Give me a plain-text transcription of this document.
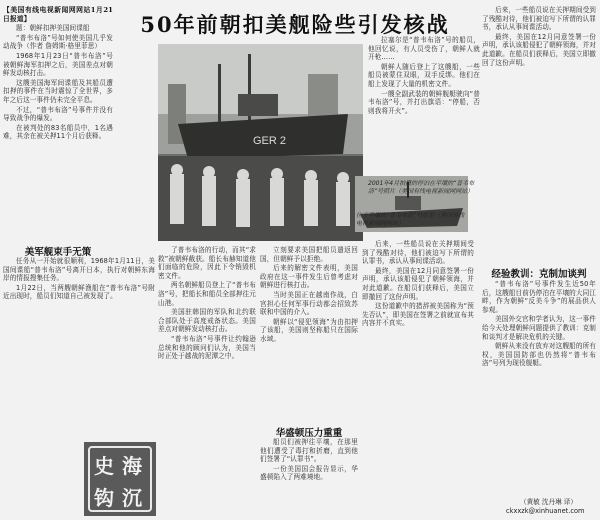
50年前朝扣美舰险些引发核战

【美国有线电视新闻网网站1月21日报道】

题：朝鲜扣押美国间谍船

“普韦布洛”号如何使美国几乎发动战争（作者 詹姆斯·格里菲思）

1968年1月23日“普韦布洛”号被朝鲜海军扣押之后，美国差点对朝鲜发动核打击。

这艘美国海军间谍船及其船员遭扣押的事件在当时震惊了全世界，多年之后这一事件仍未完全平息。

不过，“普韦布洛”号事件并没有导致战争的爆发。

在被判处的83名船员中，1名遇难，其余在被关押11个月后获释。

美军舰束手无策

任务从一开始就很顺利，1968年1月11日，美国间谍船“普韦布洛”号离开日本，执行对朝鲜东海岸的情报搜集任务。

1月22日，当两艘朝鲜渔船在“普韦布洛”号附近出现时，船员们知道自己被发现了。

GER 2

拉塞尔是“普韦布洛”号的船员，他回忆说，有人员受伤了，朝鲜人就开枪……

朝鲜人随后登上了这艘船，一些船员被蒙住双眼，双手反绑。他们在船上发现了大量的机密文件。

一艘全副武装的朝鲜舰艇驶向“普韦布洛”号，并打出旗语：“停船，否则我将开火”。

2001年4月拍摄的停泊在平壤的“普韦布洛”号照片（美国有线电视新闻网网站）
位于平壤的“普韦布洛”号原型（美国有线电视新闻网网站）

了普韦布洛的行动，而其“求救”被朝鲜截获。船长布赫知道他们面临的危险，因此下令销毁机密文件。

两名朝鲜船员登上了“普韦布洛”号，把船长和船员全部押往元山港。

美国驻韩国的军队和北约联合部队处于高度戒备状态。美国差点对朝鲜发动核打击。

“普韦布洛”号事件让约翰逊总统和他的顾问们认为，美国当时正处于越战的泥潭之中。

立刻要求美国把船员遣返回国，但朝鲜予以拒绝。

后来的解密文件表明，美国政府在这一事件发生后曾考虑对朝鲜进行核打击。

当时美国正在越南作战，白宫担心任何军事行动都会招致苏联和中国的介入。

朝鲜以“侵犯领海”为由扣押了该船，美国则坚称船只在国际水域。

华盛顿压力重重

船员们被押往平壤，在那里他们遭受了毒打和折磨，直到他们签署了“认罪书”。

一份美国国会报告显示，华盛顿陷入了两难境地。

后来，一些船员说在关押期间受到了残酷对待，他们被迫写下所谓的认罪书，承认从事间谍活动。

最终，美国在12月同意签署一份声明，承认该船侵犯了朝鲜领海，并对此道歉。在船员们获释后，美国立即撤回了这份声明。

这份道歉中的措辞被美国称为“预先否认”，即美国在签署之前就宣布其内容并不真实。

后来，一些船员说在关押期间受到了残酷对待，他们被迫写下所谓的认罪书，承认从事间谍活动。

最终，美国在12月同意签署一份声明，承认该船侵犯了朝鲜领海，并对此道歉。在船员们获释后，美国立即撤回了这份声明。

经验教训：克制加谈判

“普韦布洛”号事件发生近50年后，这艘船目前仍停泊在平壤的大同江畔，作为朝鲜“反美斗争”的展品供人参观。

美国外交官和学者认为，这一事件给今天处理朝鲜问题提供了教训：克制和谈判才是解决危机的关键。

朝鲜从来没有放弃对这艘船的所有权，美国国防部也仍然将“普韦布洛”号列为现役舰艇。

（黄敏 沈丹琳 译）
ckxxzk@xinhuanet.com
史 海
钩 沉
